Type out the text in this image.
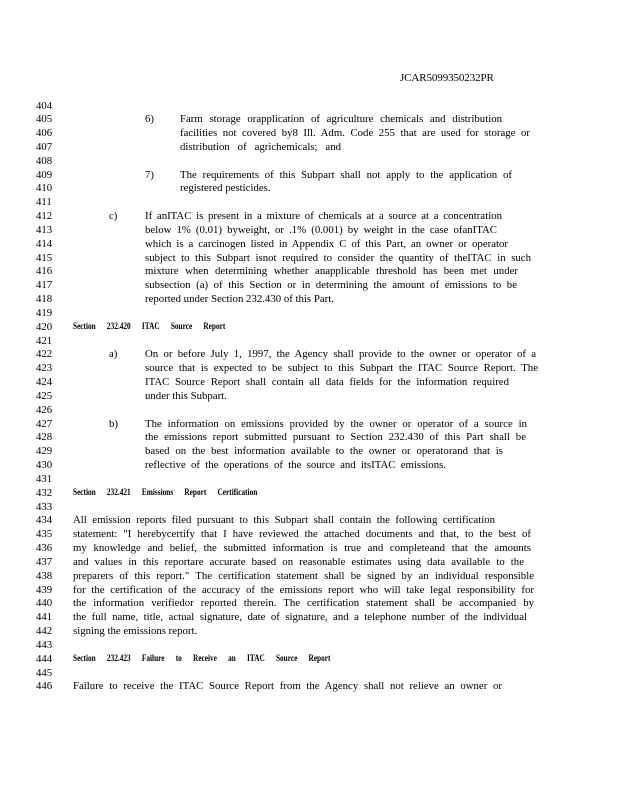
JCAR5099350232PR
404
405	6) Farm storage orapplication of agriculture chemicals and distribution
406	facilities not covered by8 Ill. Adm. Code 255 that are used for storage or
407	distribution of agrichemicals; and
408
409	7) The requirements of this Subpart shall not apply to the application of
410	registered pesticides.
411
412	c)	If anITAC is present in a mixture of chemicals at a source at a concentration
413	below 1% (0.01) byweight, or .1% (0.001) by weight in the case ofanITAC
414	which is a carcinogen listed in Appendix C of this Part, an owner or operator
415	subject to this Subpart isnot required to consider the quantity of theITAC in such
416	mixture when determining whether anapplicable threshold has been met under
417	subsection (a) of this Section or in determining the amount of emissions to be
418	reported under Section 232.430 of this Part.
419
420	Section 232.420 ITAC Source Report
421
422	a)	On or before July 1, 1997, the Agency shall provide to the owner or operator of a
423	source that is expected to be subject to this Subpart the ITAC Source Report. The
424	ITAC Source Report shall contain all data fields for the information required
425	under this Subpart.
426
427	b)	The information on emissions provided by the owner or operator of a source in
428	the emissions report submitted pursuant to Section 232.430 of this Part shall be
429	based on the best information available to the owner or operatorand that is
430	reflective of the operations of the source and itsITAC emissions.
431
432	Section 232.421 Emissions Report Certification
433
434	All emission reports filed pursuant to this Subpart shall contain the following certification
435	statement: "I herebycertify that I have reviewed the attached documents and that, to the best of
436	my knowledge and belief, the submitted information is true and completeand that the amounts
437	and values in this reportare accurate based on reasonable estimates using data available to the
438	preparers of this report." The certification statement shall be signed by an individual responsible
439	for the certification of the accuracy of the emissions report who will take legal responsibility for
440	the information verifiedor reported therein. The certification statement shall be accompanied by
441	the full name, title, actual signature, date of signature, and a telephone number of the individual
442	signing the emissions report.
443
444	Section 232.423 Failure to Receive an ITAC Source Report
445
446	Failure to receive the ITAC Source Report from the Agency shall not relieve an owner or
